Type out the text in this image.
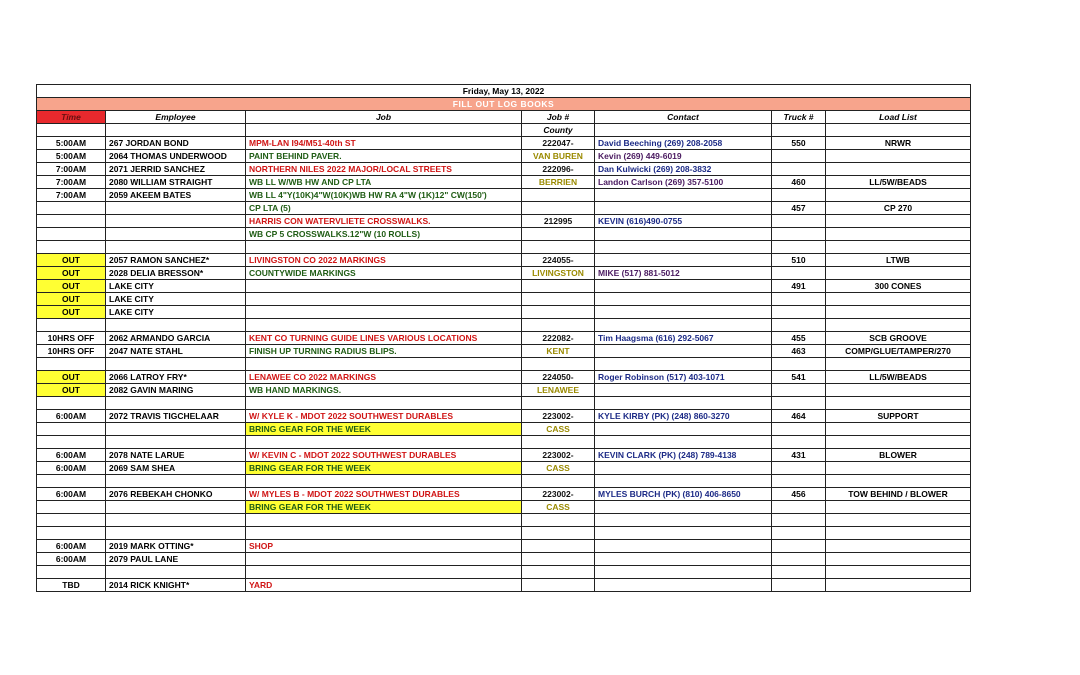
Friday, May 13, 2022						
FILL OUT LOG BOOKS						
Time	Employee	Job	Job #	Contact	Truck #	Load List
			County			
5:00AM	267 JORDAN BOND	MPM-LAN I94/M51-40th ST	222047-	David Beeching (269) 208-2058	550	NRWR
5:00AM	2064 THOMAS UNDERWOOD	PAINT BEHIND PAVER.	VAN BUREN	Kevin (269) 449-6019		
7:00AM	2071 JERRID SANCHEZ	NORTHERN NILES 2022 MAJOR/LOCAL STREETS	222096-	Dan Kulwicki (269) 208-3832		
7:00AM	2080 WILLIAM STRAIGHT	WB LL W/WB HW AND CP LTA	BERRIEN	Landon Carlson (269) 357-5100	460	LL/5W/BEADS
7:00AM	2059 AKEEM BATES	WB LL 4"Y(10K)4"W(10K)WB HW RA 4"W (1K)12" CW(150')				
		CP LTA (5)			457	CP 270
		HARRIS CON WATERVLIETE CROSSWALKS.	212995	KEVIN (616)490-0755		
		WB CP 5 CROSSWALKS.12"W (10 ROLLS)				

OUT	2057 RAMON SANCHEZ*	LIVINGSTON CO 2022 MARKINGS	224055-		510	LTWB
OUT	2028 DELIA BRESSON*	COUNTYWIDE MARKINGS	LIVINGSTON	MIKE (517) 881-5012		
OUT	LAKE CITY				491	300 CONES
OUT	LAKE CITY					
OUT	LAKE CITY					

10HRS OFF	2062 ARMANDO GARCIA	KENT CO TURNING GUIDE LINES VARIOUS LOCATIONS	222082-	Tim Haagsma (616) 292-5067	455	SCB GROOVE
10HRS OFF	2047 NATE STAHL	FINISH UP TURNING RADIUS BLIPS.	KENT		463	COMP/GLUE/TAMPER/270

OUT	2066 LATROY FRY*	LENAWEE CO 2022 MARKINGS	224050-	Roger Robinson (517) 403-1071	541	LL/5W/BEADS
OUT	2082 GAVIN MARING	WB HAND MARKINGS.	LENAWEE			

6:00AM	2072 TRAVIS TIGCHELAAR	W/ KYLE K - MDOT 2022 SOUTHWEST DURABLES	223002-	KYLE KIRBY (PK) (248) 860-3270	464	SUPPORT
		BRING GEAR FOR THE WEEK	CASS			

6:00AM	2078 NATE LARUE	W/ KEVIN C - MDOT 2022 SOUTHWEST DURABLES	223002-	KEVIN CLARK (PK) (248) 789-4138	431	BLOWER
6:00AM	2069 SAM SHEA	BRING GEAR FOR THE WEEK	CASS			

6:00AM	2076 REBEKAH CHONKO	W/ MYLES B - MDOT 2022 SOUTHWEST DURABLES	223002-	MYLES BURCH (PK) (810) 406-8650	456	TOW BEHIND / BLOWER
		BRING GEAR FOR THE WEEK	CASS			

6:00AM	2019 MARK OTTING*	SHOP				
6:00AM	2079 PAUL LANE					

TBD	2014 RICK KNIGHT*	YARD				
